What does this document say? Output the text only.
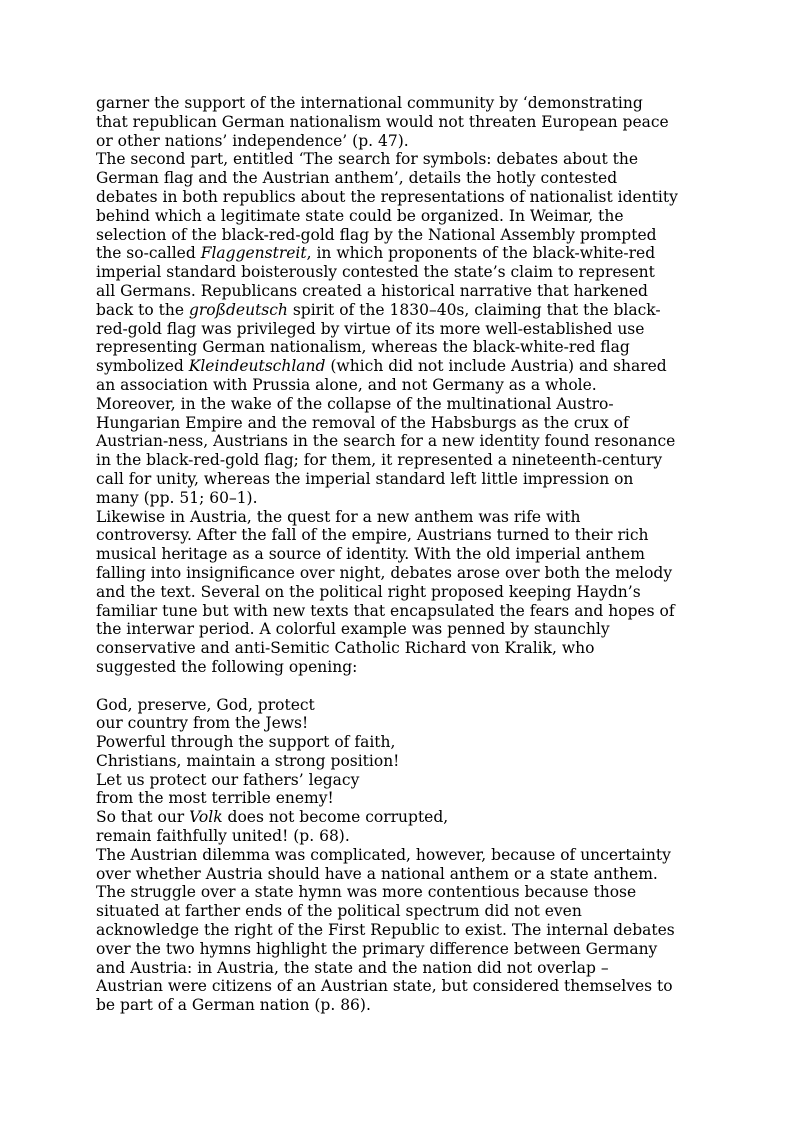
garner the support of the international community by ‘demonstrating
that republican German nationalism would not threaten European peace
or other nations’ independence’ (p. 47).
The second part, entitled ‘The search for symbols: debates about the
German flag and the Austrian anthem’, details the hotly contested
debates in both republics about the representations of nationalist identity
behind which a legitimate state could be organized. In Weimar, the
selection of the black-red-gold flag by the National Assembly prompted
the so-called Flaggenstreit, in which proponents of the black-white-red
imperial standard boisterously contested the state’s claim to represent
all Germans. Republicans created a historical narrative that harkened
back to the großdeutsch spirit of the 1830–40s, claiming that the black-
red-gold flag was privileged by virtue of its more well-established use
representing German nationalism, whereas the black-white-red flag
symbolized Kleindeutschland (which did not include Austria) and shared
an association with Prussia alone, and not Germany as a whole.
Moreover, in the wake of the collapse of the multinational Austro-
Hungarian Empire and the removal of the Habsburgs as the crux of
Austrian-ness, Austrians in the search for a new identity found resonance
in the black-red-gold flag; for them, it represented a nineteenth-century
call for unity, whereas the imperial standard left little impression on
many (pp. 51; 60–1).
Likewise in Austria, the quest for a new anthem was rife with
controversy. After the fall of the empire, Austrians turned to their rich
musical heritage as a source of identity. With the old imperial anthem
falling into insignificance over night, debates arose over both the melody
and the text. Several on the political right proposed keeping Haydn’s
familiar tune but with new texts that encapsulated the fears and hopes of
the interwar period. A colorful example was penned by staunchly
conservative and anti-Semitic Catholic Richard von Kralik, who
suggested the following opening:
God, preserve, God, protect
our country from the Jews!
Powerful through the support of faith,
Christians, maintain a strong position!
Let us protect our fathers’ legacy
from the most terrible enemy!
So that our Volk does not become corrupted,
remain faithfully united! (p. 68).
The Austrian dilemma was complicated, however, because of uncertainty
over whether Austria should have a national anthem or a state anthem.
The struggle over a state hymn was more contentious because those
situated at farther ends of the political spectrum did not even
acknowledge the right of the First Republic to exist. The internal debates
over the two hymns highlight the primary difference between Germany
and Austria: in Austria, the state and the nation did not overlap –
Austrian were citizens of an Austrian state, but considered themselves to
be part of a German nation (p. 86).
